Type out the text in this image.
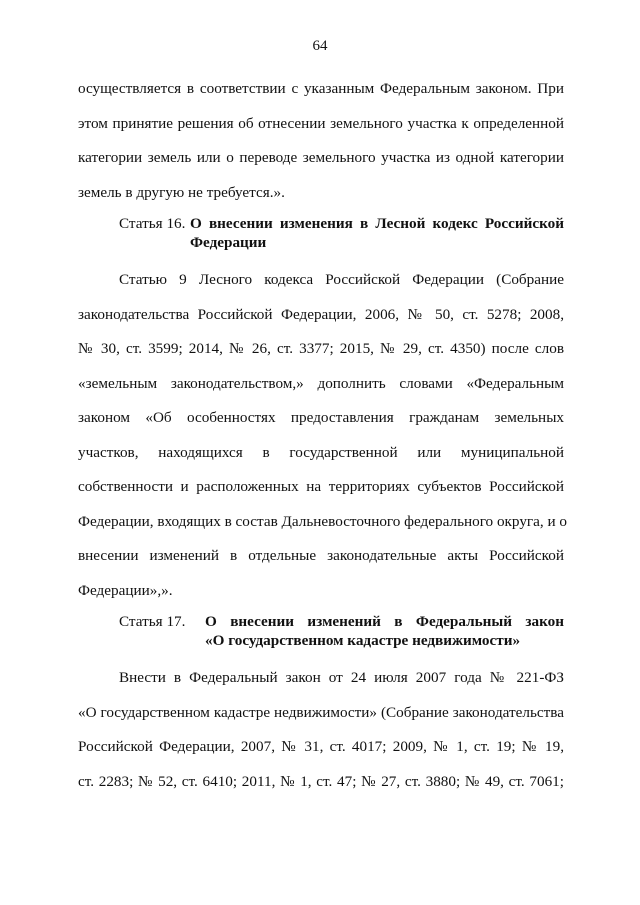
64
осуществляется в соответствии с указанным Федеральным законом. При
этом принятие решения об отнесении земельного участка к определенной
категории земель или о переводе земельного участка из одной категории
земель в другую не требуется.».
Статья 16. О внесении изменения в Лесной кодекс Российской
Федерации
Статью 9 Лесного кодекса Российской Федерации (Собрание
законодательства Российской Федерации, 2006, № 50, ст. 5278; 2008,
№ 30, ст. 3599; 2014, № 26, ст. 3377; 2015, № 29, ст. 4350) после слов
«земельным законодательством,» дополнить словами «Федеральным
законом «Об особенностях предоставления гражданам земельных
участков, находящихся в государственной или муниципальной
собственности и расположенных на территориях субъектов Российской
Федерации, входящих в состав Дальневосточного федерального округа, и о
внесении изменений в отдельные законодательные акты Российской
Федерации»,».
Статья 17.	О внесении изменений в Федеральный закон
«О государственном кадастре недвижимости»
Внести в Федеральный закон от 24 июля 2007 года № 221-ФЗ
«О государственном кадастре недвижимости» (Собрание законодательства
Российской Федерации, 2007, № 31, ст. 4017; 2009, № 1, ст. 19; № 19,
ст. 2283; № 52, ст. 6410; 2011, № 1, ст. 47; № 27, ст. 3880; № 49, ст. 7061;
